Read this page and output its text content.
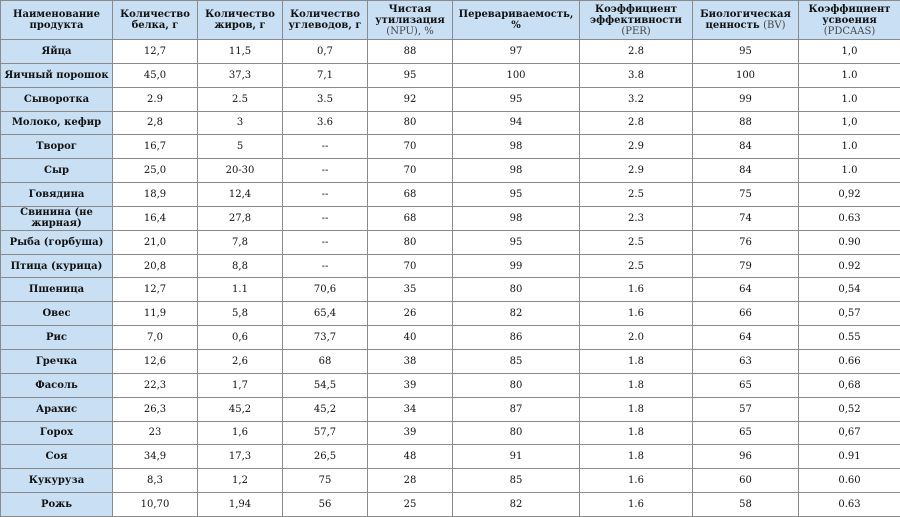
Наименование продукта	Количество белка, г	Количество жиров, г	Количество углеводов, г	Чистая утилизация (NPU), %	Перевариваемость, %	Коэффициент эффективности (PER)	Биологическая ценность (BV)	Коэффициент усвоения (PDCAAS)
Яйца	12,7	11,5	0,7	88	97	2.8	95	1,0
Яичный порошок	45,0	37,3	7,1	95	100	3.8	100	1.0
Сыворотка	2.9	2.5	3.5	92	95	3.2	99	1.0
Молоко, кефир	2,8	3	3.6	80	94	2.8	88	1,0
Творог	16,7	5	--	70	98	2.9	84	1.0
Сыр	25,0	20-30	--	70	98	2.9	84	1.0
Говядина	18,9	12,4	--	68	95	2.5	75	0,92
Свинина (не жирная)	16,4	27,8	--	68	98	2.3	74	0.63
Рыба (горбуша)	21,0	7,8	--	80	95	2.5	76	0.90
Птица (курица)	20,8	8,8	--	70	99	2.5	79	0.92
Пшеница	12,7	1.1	70,6	35	80	1.6	64	0,54
Овес	11,9	5,8	65,4	26	82	1.6	66	0,57
Рис	7,0	0,6	73,7	40	86	2.0	64	0.55
Гречка	12,6	2,6	68	38	85	1.8	63	0.66
Фасоль	22,3	1,7	54,5	39	80	1.8	65	0,68
Арахис	26,3	45,2	45,2	34	87	1.8	57	0,52
Горох	23	1,6	57,7	39	80	1.8	65	0,67
Соя	34,9	17,3	26,5	48	91	1.8	96	0.91
Кукуруза	8,3	1,2	75	28	85	1.6	60	0.60
Рожь	10,70	1,94	56	25	82	1.6	58	0.63
